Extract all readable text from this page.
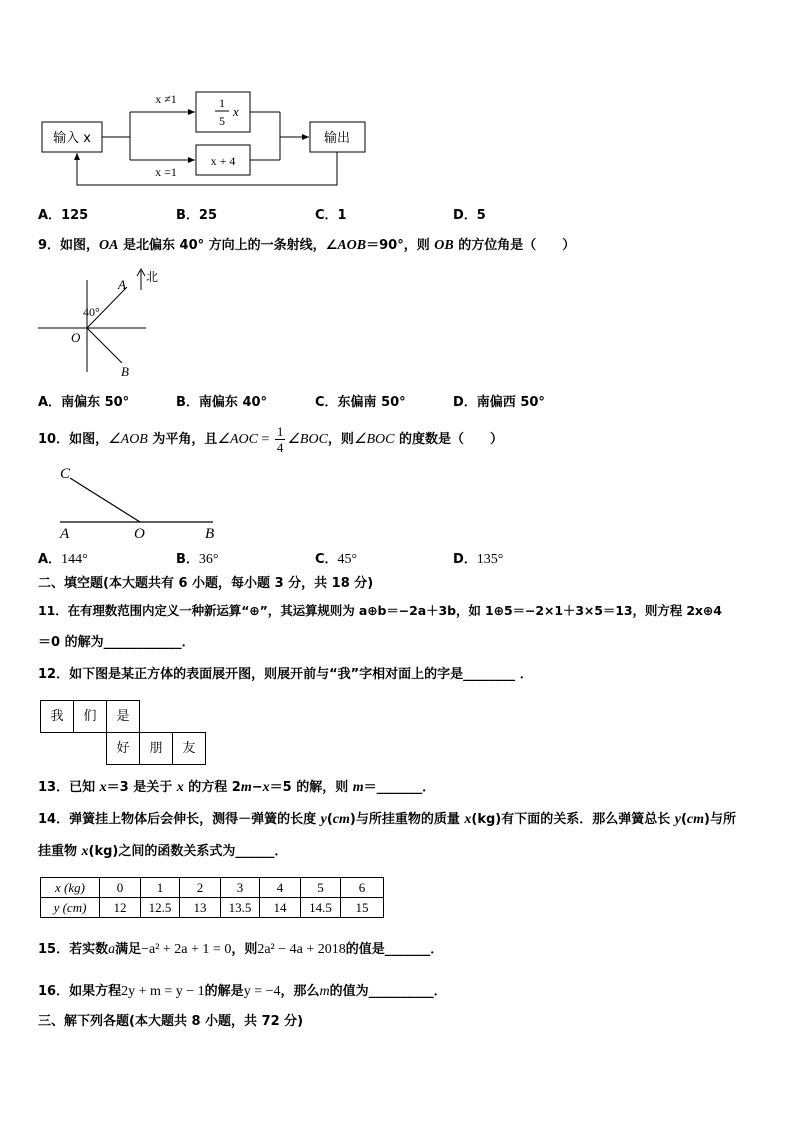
输入 x
x ≠1
x =1
1
5
x
x + 4
输出
A．125	B．25	C．1	D．5
9．如图，OA 是北偏东 40° 方向上的一条射线，∠AOB＝90°，则 OB 的方位角是（　　）
北
40°
O
A
B
A．南偏东 50°	B．南偏东 40°	C．东偏南 50°	D．南偏西 50°
10．如图，∠AOB 为平角，且∠AOC = $\frac{1}{4}$ ∠BOC，则∠BOC 的度数是（　　）
C
A	O	B
A．144°	B．36°	C．45°	D．135°
二、填空题(本大题共有 6 小题，每小题 3 分，共 18 分)
11．在有理数范围内定义一种新运算“⊕”，其运算规则为 a⊕b＝−2a＋3b，如 1⊕5＝−2×1＋3×5＝13，则方程 2x⊕4
＝0 的解为____________．
12．如下图是某正方体的表面展开图，则展开前与“我”字相对面上的字是________ ．
我	们	是
好	朋	友
13．已知 x＝3 是关于 x 的方程 2m−x＝5 的解，则 m＝_______．
14．弹簧挂上物体后会伸长，测得－弹簧的长度 y(cm)与所挂重物的质量 x(kg)有下面的关系．那么弹簧总长 y(cm)与所
挂重物 x(kg)之间的函数关系式为______．
x (kg)	0	1	2	3	4	5	6
y (cm)	12	12.5	13	13.5	14	14.5	15
15．若实数a满足−a² + 2a + 1 = 0，则2a² − 4a + 2018的值是_______．
16．如果方程2y + m = y − 1的解是y = −4，那么m的值为__________．
三、解下列各题(本大题共 8 小题，共 72 分)
